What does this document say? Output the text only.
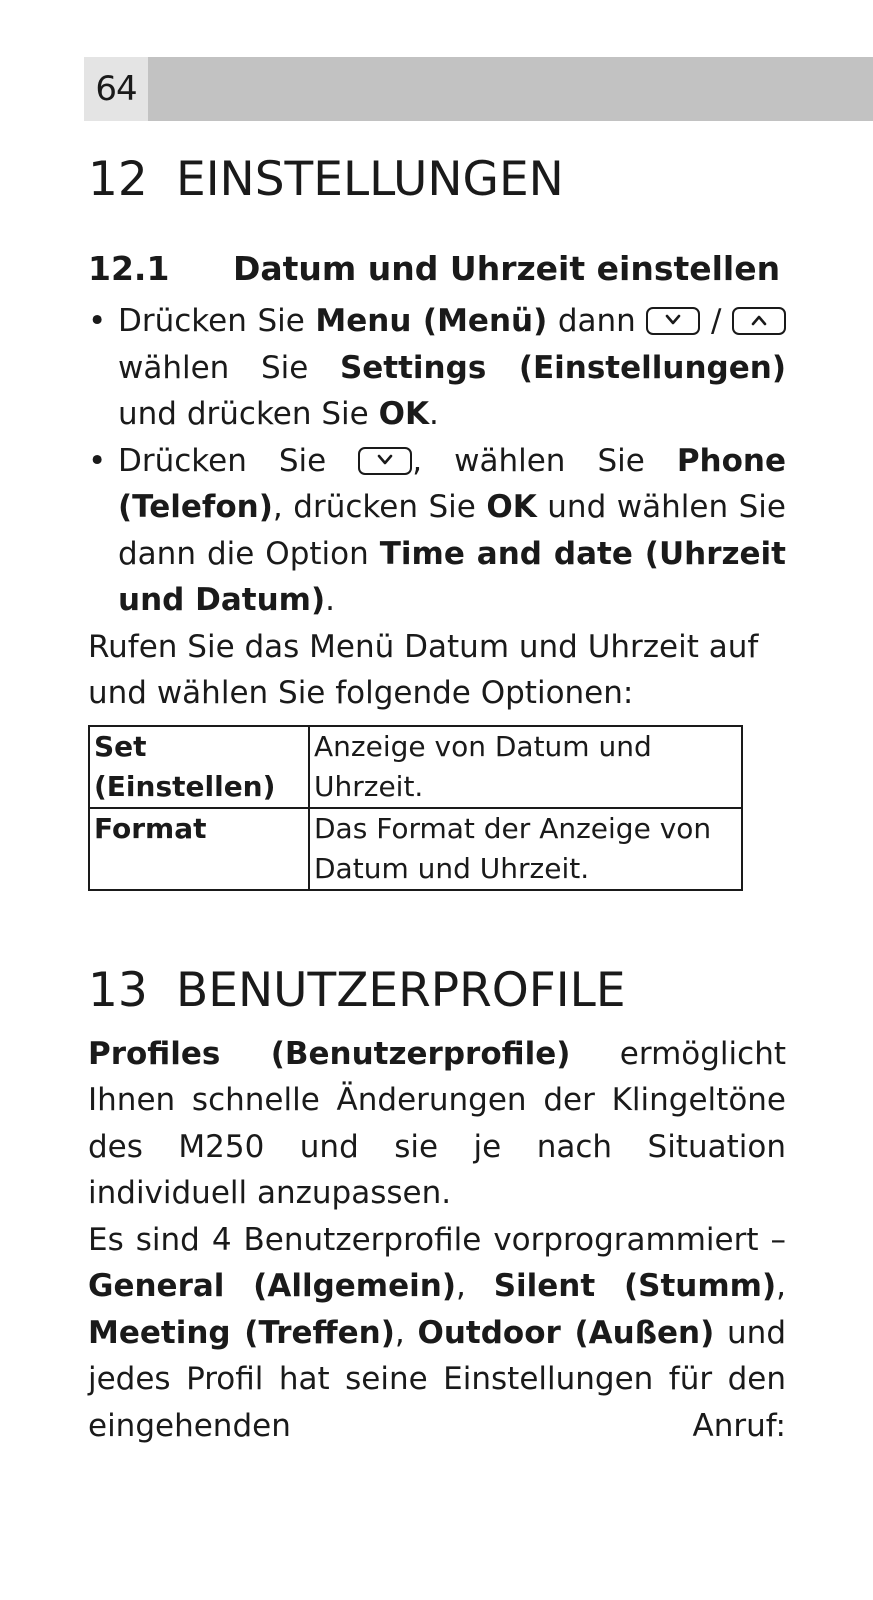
64
12 EINSTELLUNGEN
12.1 Datum und Uhrzeit einstellen
• Drücken Sie Menu (Menü) dann
/
wählen Sie Settings (Einstellungen) und drücken Sie OK.
• Drücken Sie
, wählen Sie Phone (Telefon), drücken Sie OK und wählen Sie dann die Option Time and date (Uhrzeit und Datum).

Rufen Sie das Menü Datum und Uhrzeit auf und wählen Sie folgende Optionen:

Set (Einstellen)	Anzeige von Datum und Uhrzeit.
Format	Das Format der Anzeige von Datum und Uhrzeit.
13 BENUTZERPROFILE

Profiles (Benutzerprofile) ermöglicht Ihnen schnelle Änderungen der Klingeltöne des M250 und sie je nach Situation individuell anzupassen.

Es sind 4 Benutzerprofile vorprogrammiert – General (Allgemein), Silent (Stumm), Meeting (Treffen), Outdoor (Außen) und jedes Profil hat seine Einstellungen für den eingehenden Anruf:
